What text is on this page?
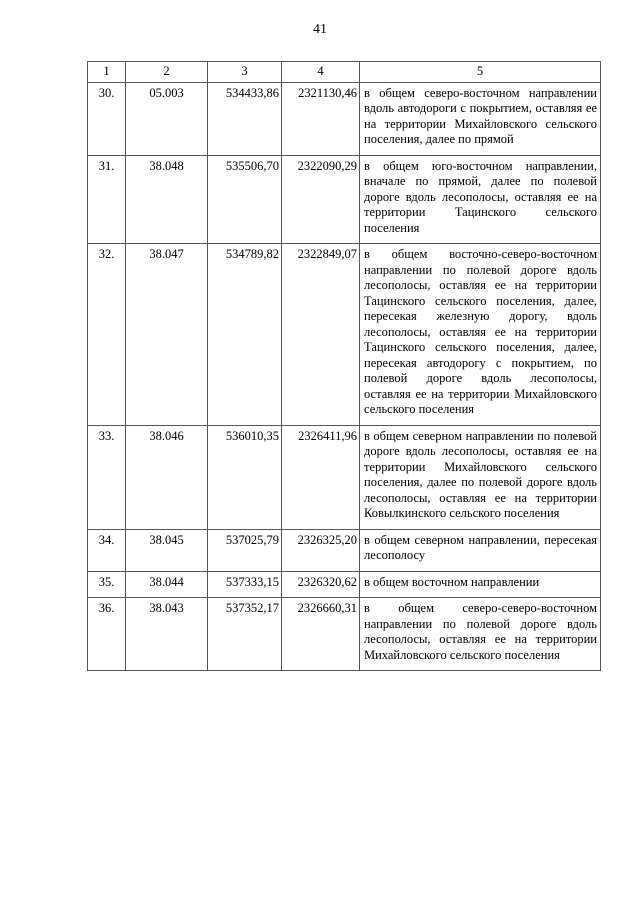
41
1	2	3	4	5
30.	05.003	534433,86	2321130,46	в общем северо-восточном направлении вдоль автодороги с покрытием, оставляя ее на территории Михайловского сельского поселения, далее по прямой
31.	38.048	535506,70	2322090,29	в общем юго-восточном направлении, вначале по прямой, далее по полевой дороге вдоль лесополосы, оставляя ее на территории Тацинского сельского поселения
32.	38.047	534789,82	2322849,07	в общем восточно-северо-восточном направлении по полевой дороге вдоль лесополосы, оставляя ее на территории Тацинского сельского поселения, далее, пересекая железную дорогу, вдоль лесополосы, оставляя ее на территории Тацинского сельского поселения, далее, пересекая автодорогу с покрытием, по полевой дороге вдоль лесополосы, оставляя ее на территории Михайловского сельского поселения
33.	38.046	536010,35	2326411,96	в общем северном направлении по полевой дороге вдоль лесополосы, оставляя ее на территории Михайловского сельского поселения, далее по полевой дороге вдоль лесополосы, оставляя ее на территории Ковылкинского сельского поселения
34.	38.045	537025,79	2326325,20	в общем северном направлении, пересекая лесополосу
35.	38.044	537333,15	2326320,62	в общем восточном направлении
36.	38.043	537352,17	2326660,31	в общем северо-северо-восточном направлении по полевой дороге вдоль лесополосы, оставляя ее на территории Михайловского сельского поселения
